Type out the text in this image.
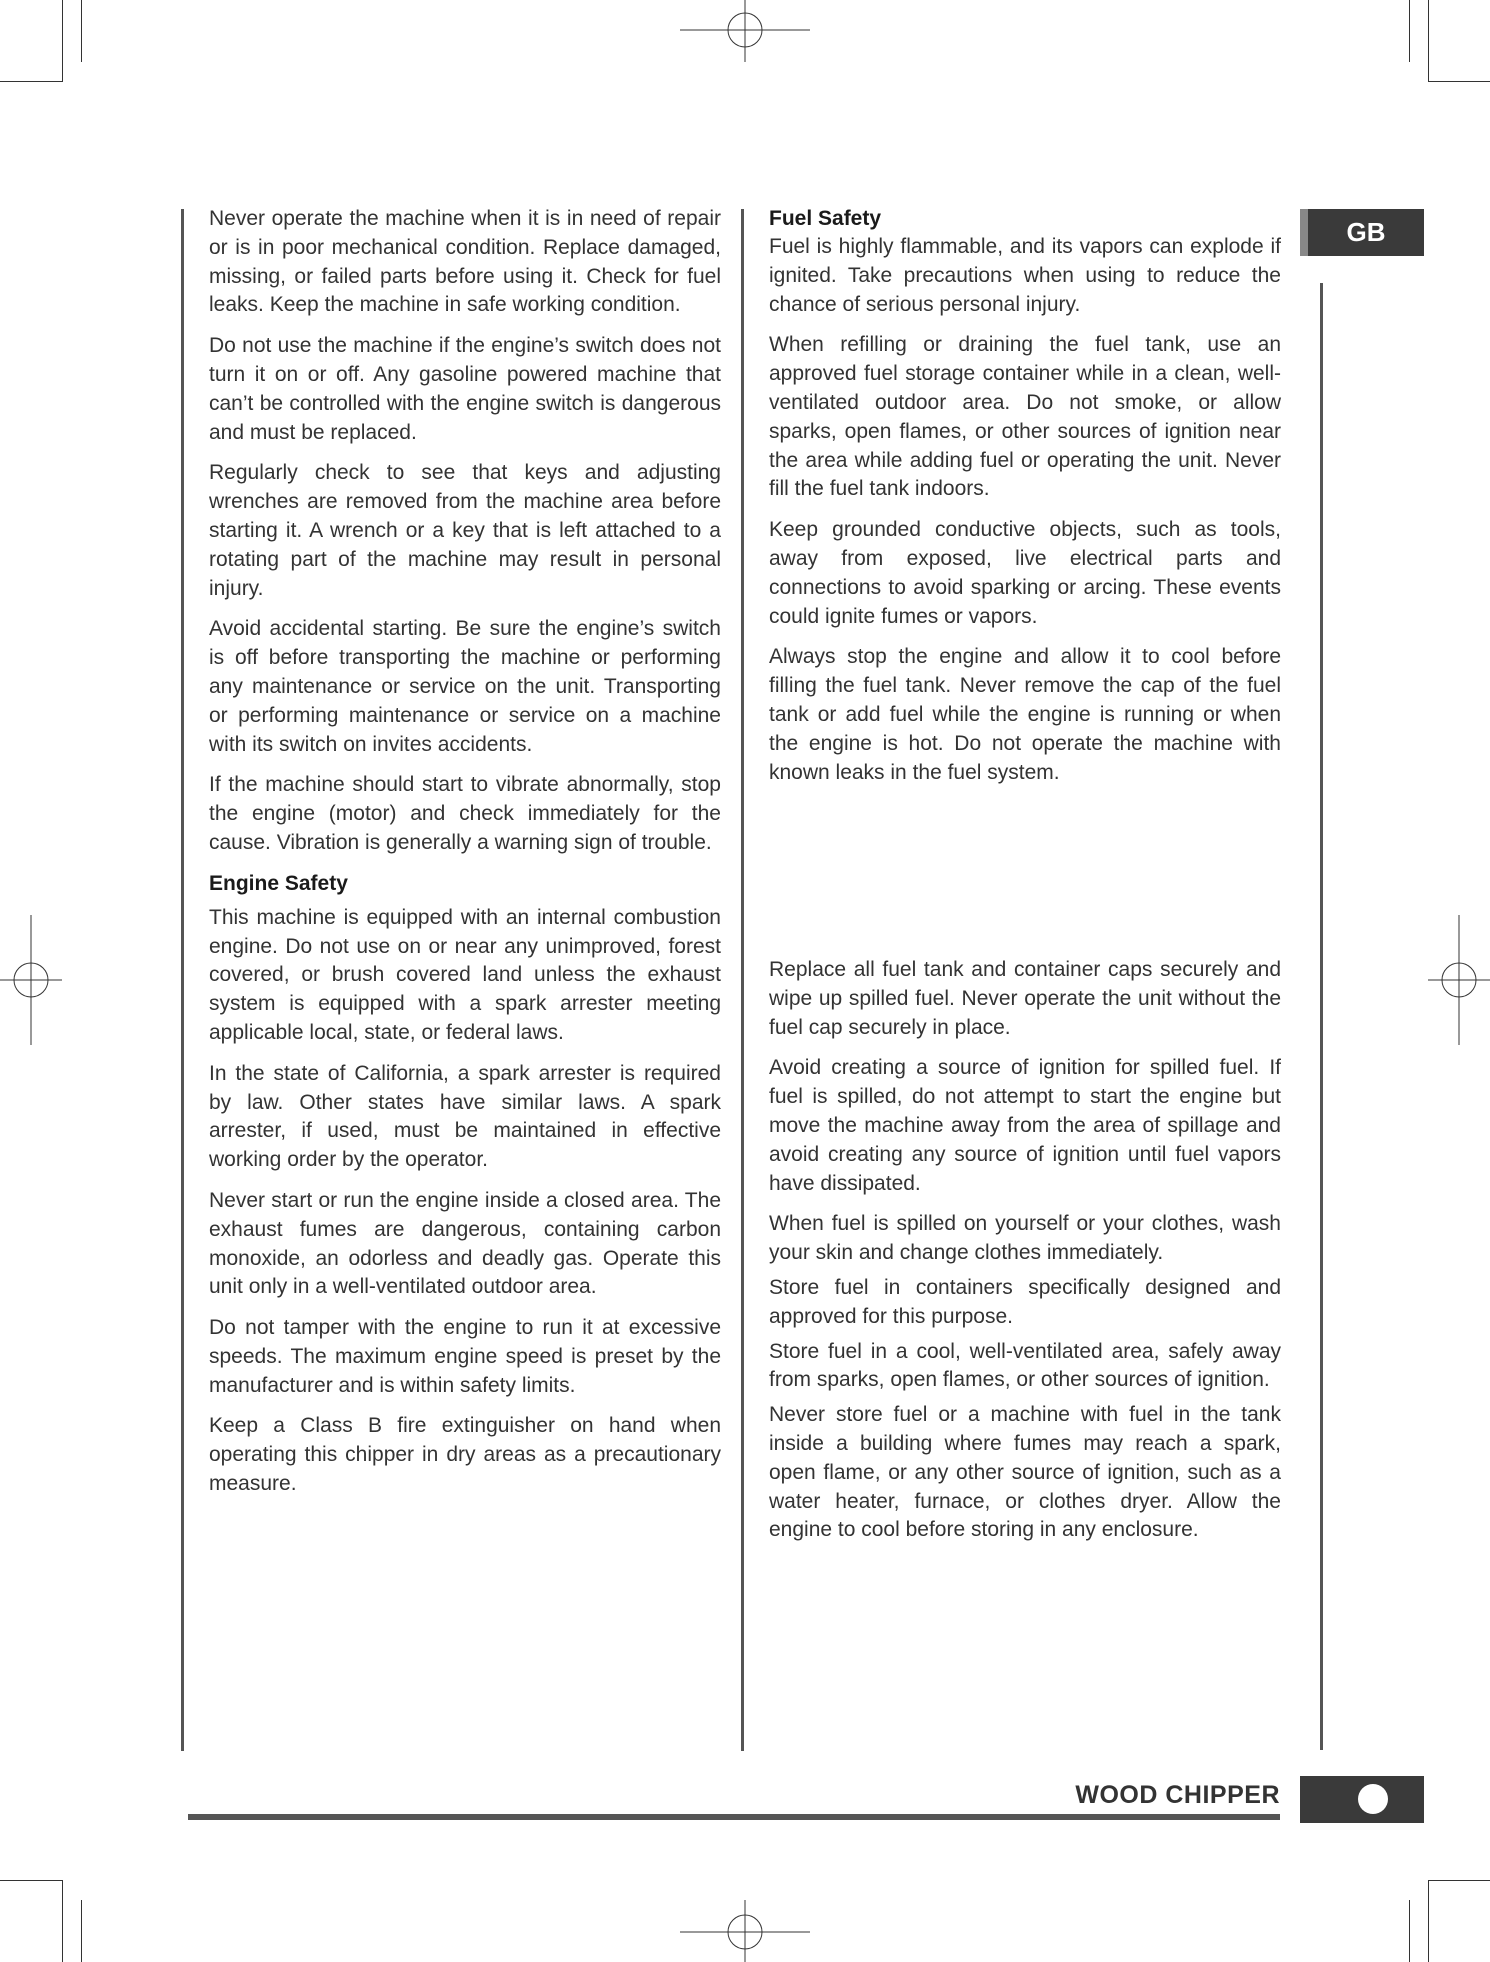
GB

Never operate the machine when it is in need of repair or is in poor mechanical condition. Replace damaged, missing, or failed parts before using it. Check for fuel leaks. Keep the machine in safe working condition.

Do not use the machine if the engine’s switch does not turn it on or off. Any gasoline powered machine that can’t be controlled with the engine switch is dangerous and must be replaced.

Regularly check to see that keys and adjusting wrenches are removed from the machine area before starting it. A wrench or a key that is left attached to a rotating part of the machine may result in personal injury.

Avoid accidental starting. Be sure the engine’s switch is off before transporting the machine or performing any maintenance or service on the unit. Transporting or performing maintenance or service on a machine with its switch on invites accidents.

If the machine should start to vibrate abnormally, stop the engine (motor) and check immediately for the cause. Vibration is generally a warning sign of trouble.

Engine Safety

This machine is equipped with an internal combustion engine. Do not use on or near any unimproved, forest covered, or brush covered land unless the exhaust system is equipped with a spark arrester meeting applicable local, state, or federal laws.

In the state of California, a spark arrester is required by law. Other states have similar laws. A spark arrester, if used, must be maintained in effective working order by the operator.

Never start or run the engine inside a closed area. The exhaust fumes are dangerous, containing carbon monoxide, an odorless and deadly gas. Operate this unit only in a well-ventilated outdoor area.

Do not tamper with the engine to run it at excessive speeds. The maximum engine speed is preset by the manufacturer and is within safety limits.

Keep a Class B fire extinguisher on hand when operating this chipper in dry areas as a precautionary measure.

Fuel Safety

Fuel is highly flammable, and its vapors can explode if ignited. Take precautions when using to reduce the chance of serious personal injury.

When refilling or draining the fuel tank, use an approved fuel storage container while in a clean, well-ventilated outdoor area. Do not smoke, or allow sparks, open flames, or other sources of ignition near the area while adding fuel or operating the unit. Never fill the fuel tank indoors.

Keep grounded conductive objects, such as tools, away from exposed, live electrical parts and connections to avoid sparking or arcing. These events could ignite fumes or vapors.

Always stop the engine and allow it to cool before filling the fuel tank. Never remove the cap of the fuel tank or add fuel while the engine is running or when the engine is hot. Do not operate the machine with known leaks in the fuel system.

Replace all fuel tank and container caps securely and wipe up spilled fuel. Never operate the unit without the fuel cap securely in place.

Avoid creating a source of ignition for spilled fuel. If fuel is spilled, do not attempt to start the engine but move the machine away from the area of spillage and avoid creating any source of ignition until fuel vapors have dissipated.

When fuel is spilled on yourself or your clothes, wash your skin and change clothes immediately.

Store fuel in containers specifically designed and approved for this purpose.

Store fuel in a cool, well-ventilated area, safely away from sparks, open flames, or other sources of ignition.

Never store fuel or a machine with fuel in the tank inside a building where fumes may reach a spark, open flame, or any other source of ignition, such as a water heater, furnace, or clothes dryer. Allow the engine to cool before storing in any enclosure.

WOOD CHIPPER
